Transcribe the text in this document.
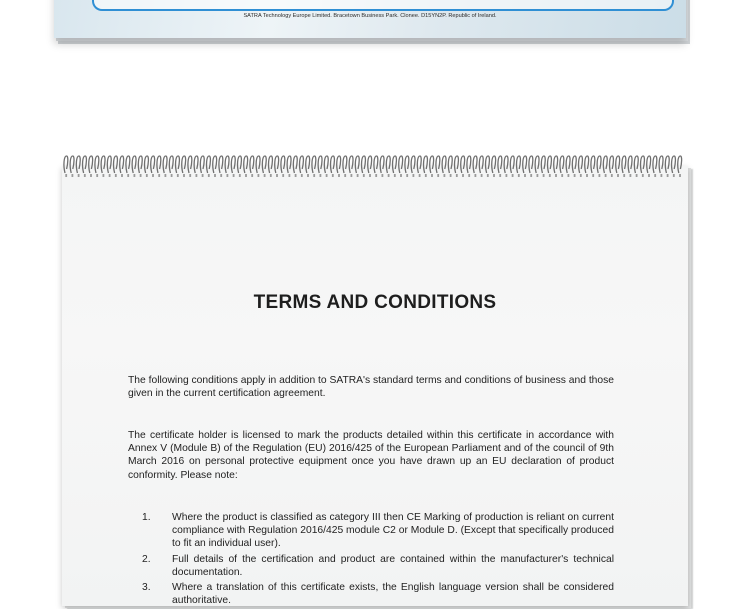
SATRA Technology Europe Limited. Bracetown Business Park. Clonee. D15YN2P. Republic of Ireland.
TERMS AND CONDITIONS
The following conditions apply in addition to SATRA's standard terms and conditions of business and those given in the current certification agreement.
The certificate holder is licensed to mark the products detailed within this certificate in accordance with Annex V (Module B) of the Regulation (EU) 2016/425 of the European Parliament and of the council of 9th March 2016 on personal protective equipment once you have drawn up an EU declaration of product conformity. Please note:
1. Where the product is classified as category III then CE Marking of production is reliant on current compliance with Regulation 2016/425 module C2 or Module D. (Except that specifically produced to fit an individual user).
2. Full details of the certification and product are contained within the manufacturer's technical documentation.
3. Where a translation of this certificate exists, the English language version shall be considered authoritative.
